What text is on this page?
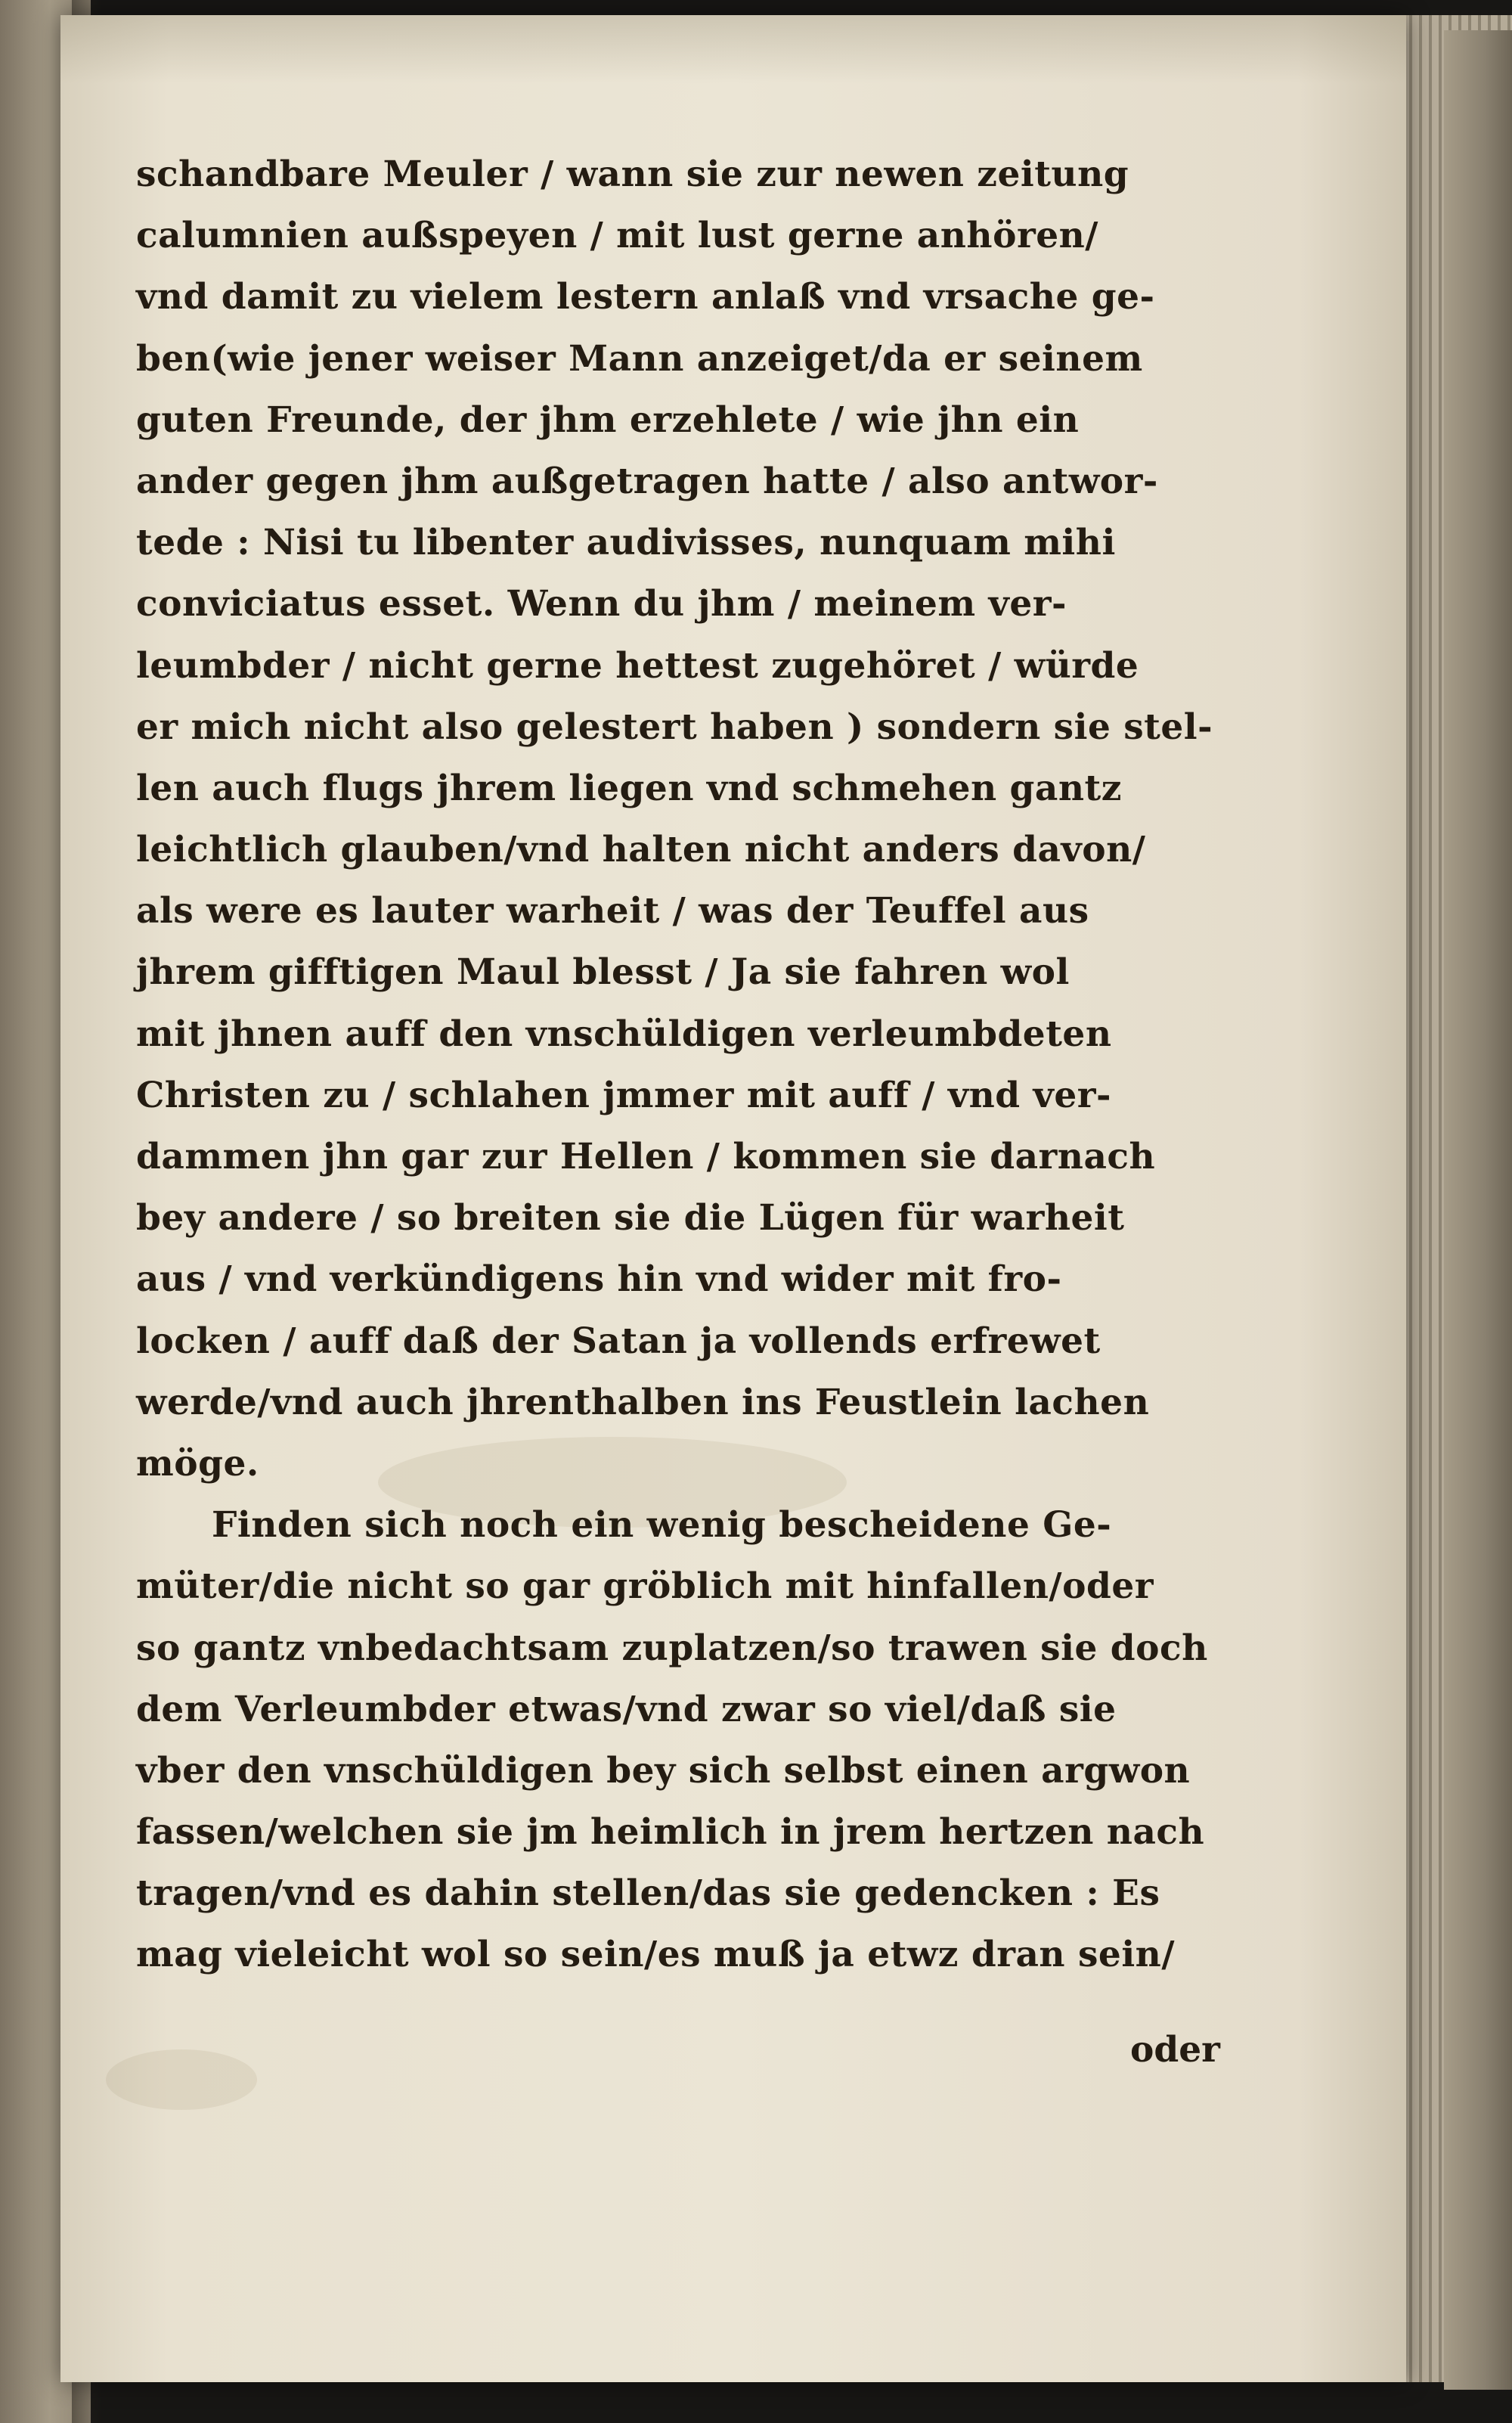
schandbare Meuler / wann sie zur newen zeitung
calumnien außspeyen / mit lust gerne anhören/
vnd damit zu vielem lestern anlaß vnd vrsache ge-
ben(wie jener weiser Mann anzeiget/da er seinem
guten Freunde, der jhm erzehlete / wie jhn ein
ander gegen jhm außgetragen hatte / also antwor-
tede : Nisi tu libenter audivisses, nunquam mihi
conviciatus esset. Wenn du jhm / meinem ver-
leumbder / nicht gerne hettest zugehöret / würde
er mich nicht also gelestert haben ) sondern sie stel-
len auch flugs jhrem liegen vnd schmehen gantz
leichtlich glauben/vnd halten nicht anders davon/
als were es lauter warheit / was der Teuffel aus
jhrem gifftigen Maul blesst / Ja sie fahren wol
mit jhnen auff den vnschüldigen verleumbdeten
Christen zu / schlahen jmmer mit auff / vnd ver-
dammen jhn gar zur Hellen / kommen sie darnach
bey andere / so breiten sie die Lügen für warheit
aus / vnd verkündigens hin vnd wider mit fro-
locken / auff daß der Satan ja vollends erfrewet
werde/vnd auch jhrenthalben ins Feustlein lachen
möge.
Finden sich noch ein wenig bescheidene Ge-
müter/die nicht so gar gröblich mit hinfallen/oder
so gantz vnbedachtsam zuplatzen/so trawen sie doch
dem Verleumbder etwas/vnd zwar so viel/daß sie
vber den vnschüldigen bey sich selbst einen argwon
fassen/welchen sie jm heimlich in jrem hertzen nach
tragen/vnd es dahin stellen/das sie gedencken : Es
mag vieleicht wol so sein/es muß ja etwz dran sein/
oder
